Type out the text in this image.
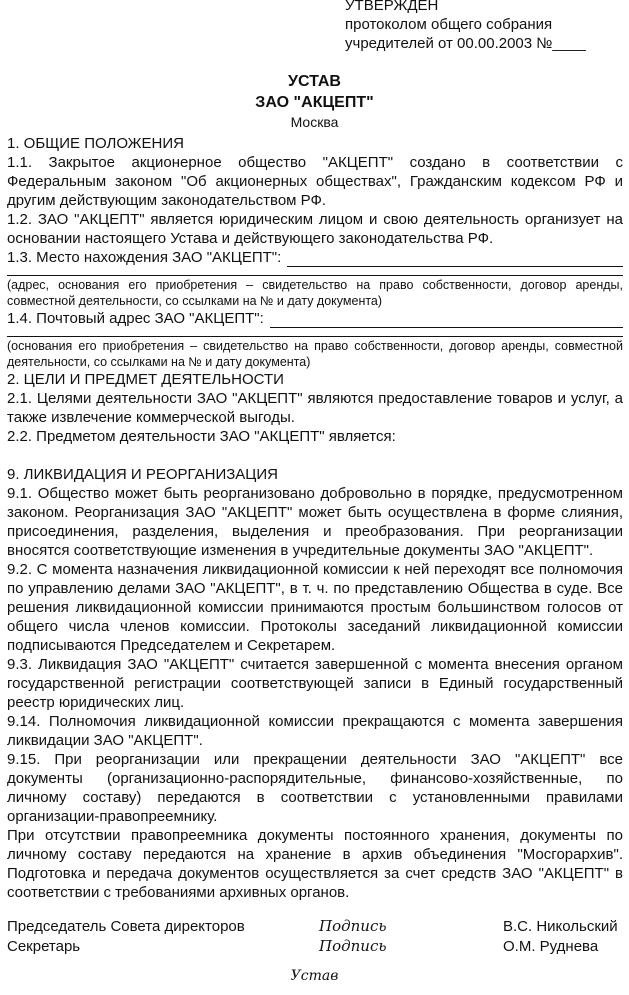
УТВЕРЖДЕН
протоколом общего собрания
учредителей от 00.00.2003 №____
УСТАВ
ЗАО "АКЦЕПТ"
Москва
1. ОБЩИЕ ПОЛОЖЕНИЯ

1.1. Закрытое акционерное общество "АКЦЕПТ" создано в соответствии с Федеральным законом "Об акционерных обществах", Гражданским кодексом РФ и другим действующим законодательством РФ.

1.2. ЗАО "АКЦЕПТ" является юридическим лицом и свою деятельность организует на основании настоящего Устава и действующего законодательства РФ.

1.3. Место нахождения ЗАО "АКЦЕПТ":

(адрес, основания его приобретения – свидетельство на право собственности, договор аренды, совместной деятельности, со ссылками на № и дату документа)

1.4. Почтовый адрес ЗАО "АКЦЕПТ":

(основания его приобретения – свидетельство на право собственности, договор аренды, совместной деятельности, со ссылками на № и дату документа)

2. ЦЕЛИ И ПРЕДМЕТ ДЕЯТЕЛЬНОСТИ

2.1. Целями деятельности ЗАО "АКЦЕПТ" являются предоставление товаров и услуг, а также извлечение коммерческой выгоды.

2.2. Предметом деятельности ЗАО "АКЦЕПТ" является:

9. ЛИКВИДАЦИЯ И РЕОРГАНИЗАЦИЯ

9.1. Общество может быть реорганизовано добровольно в порядке, предусмотренном законом. Реорганизация ЗАО "АКЦЕПТ" может быть осуществлена в форме слияния, присоединения, разделения, выделения и преобразования. При реорганизации вносятся соответствующие изменения в учредительные документы ЗАО "АКЦЕПТ".

9.2. С момента назначения ликвидационной комиссии к ней переходят все полномочия по управлению делами ЗАО "АКЦЕПТ", в т. ч. по представлению Общества в суде. Все решения ликвидационной комиссии принимаются простым большинством голосов от общего числа членов комиссии. Протоколы заседаний ликвидационной комиссии подписываются Председателем и Секретарем.

9.3. Ликвидация ЗАО "АКЦЕПТ" считается завершенной с момента внесения органом государственной регистрации соответствующей записи в Единый государственный реестр юридических лиц.

9.14. Полномочия ликвидационной комиссии прекращаются с момента завершения ликвидации ЗАО "АКЦЕПТ".

9.15. При реорганизации или прекращении деятельности ЗАО "АКЦЕПТ" все документы (организационно-распорядительные, финансово-хозяйственные, по личному составу) передаются в соответствии с установленными правилами организации-правопреемнику.

При отсутствии правопреемника документы постоянного хранения, документы по личному составу передаются на хранение в архив объединения "Мосгорархив". Подготовка и передача документов осуществляется за счет средств ЗАО "АКЦЕПТ" в соответствии с требованиями архивных органов.

Председатель Совета директоров	Подпись	В.С. Никольский
Секретарь	Подпись	О.М. Руднева
Устав
